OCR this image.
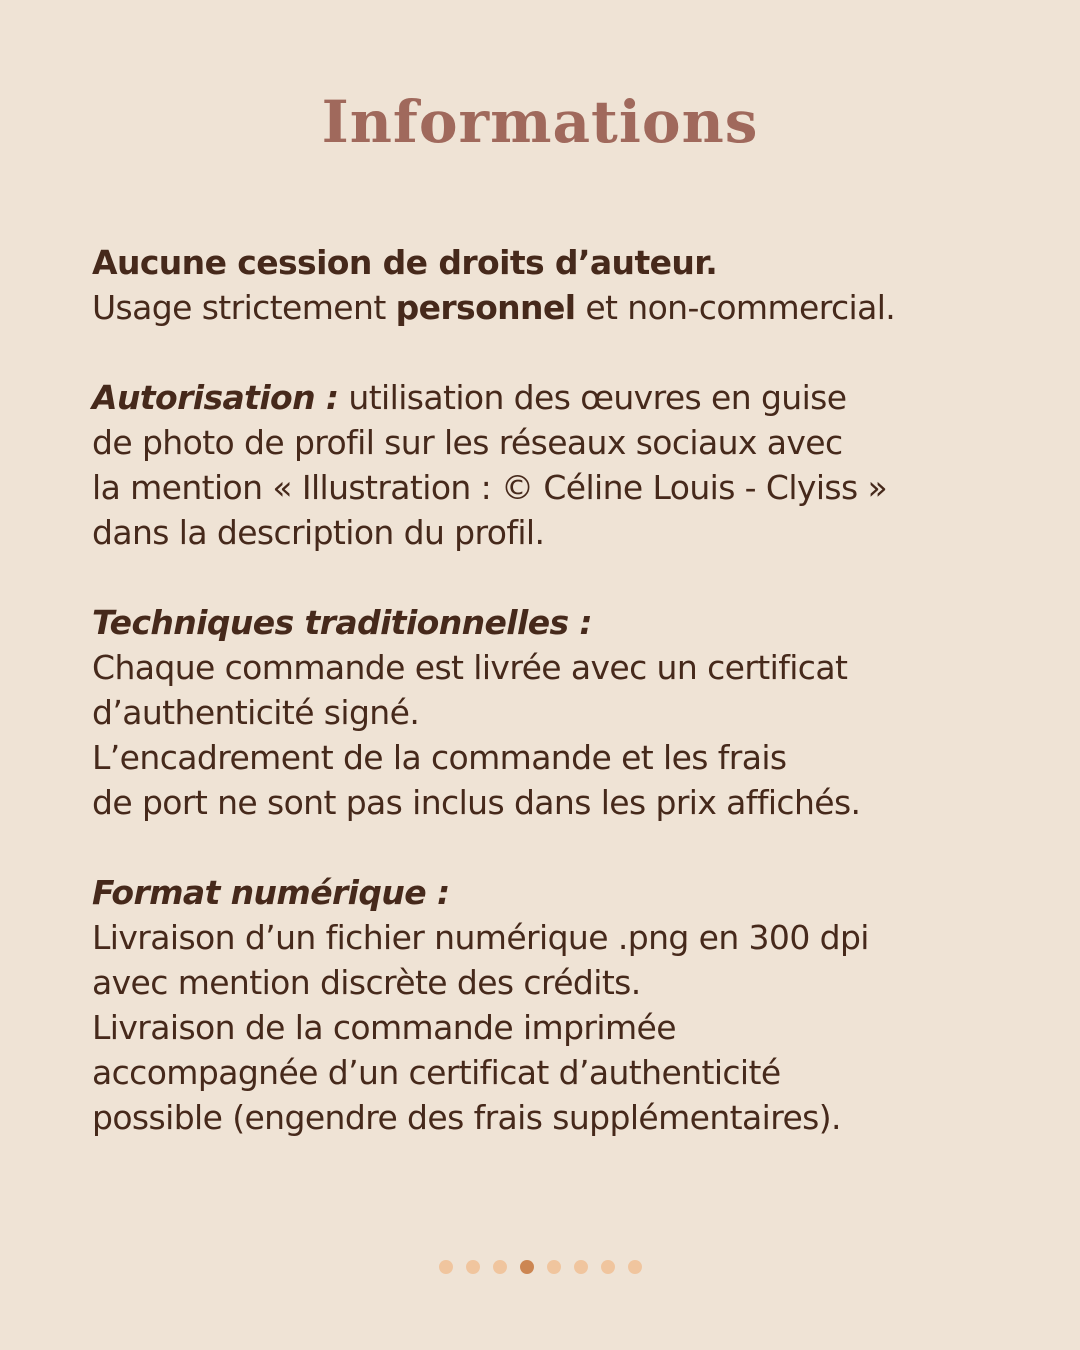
Informations
Aucune cession de droits d’auteur.
Usage strictement personnel et non-commercial.
Autorisation : utilisation des œuvres en guise
de photo de profil sur les réseaux sociaux avec
la mention « Illustration : © Céline Louis - Clyiss »
dans la description du profil.
Techniques traditionnelles :
Chaque commande est livrée avec un certificat
d’authenticité signé.
L’encadrement de la commande et les frais
de port ne sont pas inclus dans les prix affichés.
Format numérique :
Livraison d’un fichier numérique .png en 300 dpi
avec mention discrète des crédits.
Livraison de la commande imprimée
accompagnée d’un certificat d’authenticité
possible (engendre des frais supplémentaires).
